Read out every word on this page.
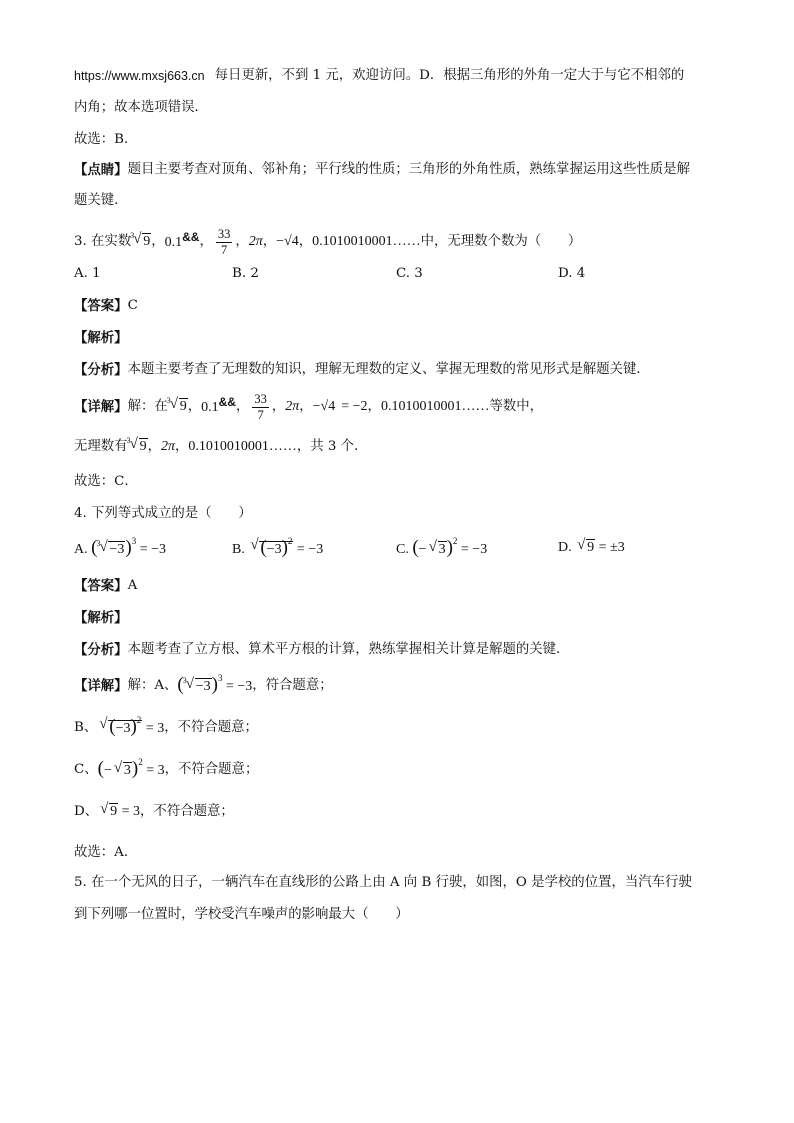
https://www.mxsj663.cn 每日更新，不到 1 元，欢迎访问。D．根据三角形的外角一定大于与它不相邻的
内角；故本选项错误．
故选：B．
【点睛】 题目主要考查对顶角、邻补角；平行线的性质；三角形的外角性质，熟练掌握运用这些性质是解
题关键．
3. 在实数 3 √ 9 ， 0.1&& ， $\frac{33}{7}$ ， 2π ， −√4 ， 0.1010010001…… 中，无理数个数为（　　）
A. 1	B. 2	C. 3	D. 4
【答案】 C
【解析】
【分析】 本题主要考查了无理数的知识，理解无理数的定义、掌握无理数的常见形式是解题关键．
【详解】 解：在 3 √ 9 ， 0.1&& ， $\frac{33}{7}$ ， 2π ， −√4 = −2 ， 0.1010010001…… 等数中，
无理数有 3 √ 9 ， 2π ， 0.1010010001…… ，共 3 个．
故选：C．
4. 下列等式成立的是（　　）
A. ( 3 √ −3)$^3$ = −3	B. √ $(-3)^2 = -3$	C. (− √ 3)$^2$ = −3	D. √ 9 = ±3
【答案】 A
【解析】
【分析】 本题考查了立方根、算术平方根的计算，熟练掌握相关计算是解题的关键．
【详解】 解：A、 ( 3 √ −3)$^3$ = −3 ，符合题意；
B、 √ $(-3)^2 = 3$ ，不符合题意；
C、 (− √ 3)$^2$ = 3 ，不符合题意；
D、 √ 9 = 3 ，不符合题意；
故选：A．
5. 在一个无风的日子，一辆汽车在直线形的公路上由 A 向 B 行驶，如图，O 是学校的位置，当汽车行驶
到下列哪一位置时，学校受汽车噪声的影响最大（　　）
